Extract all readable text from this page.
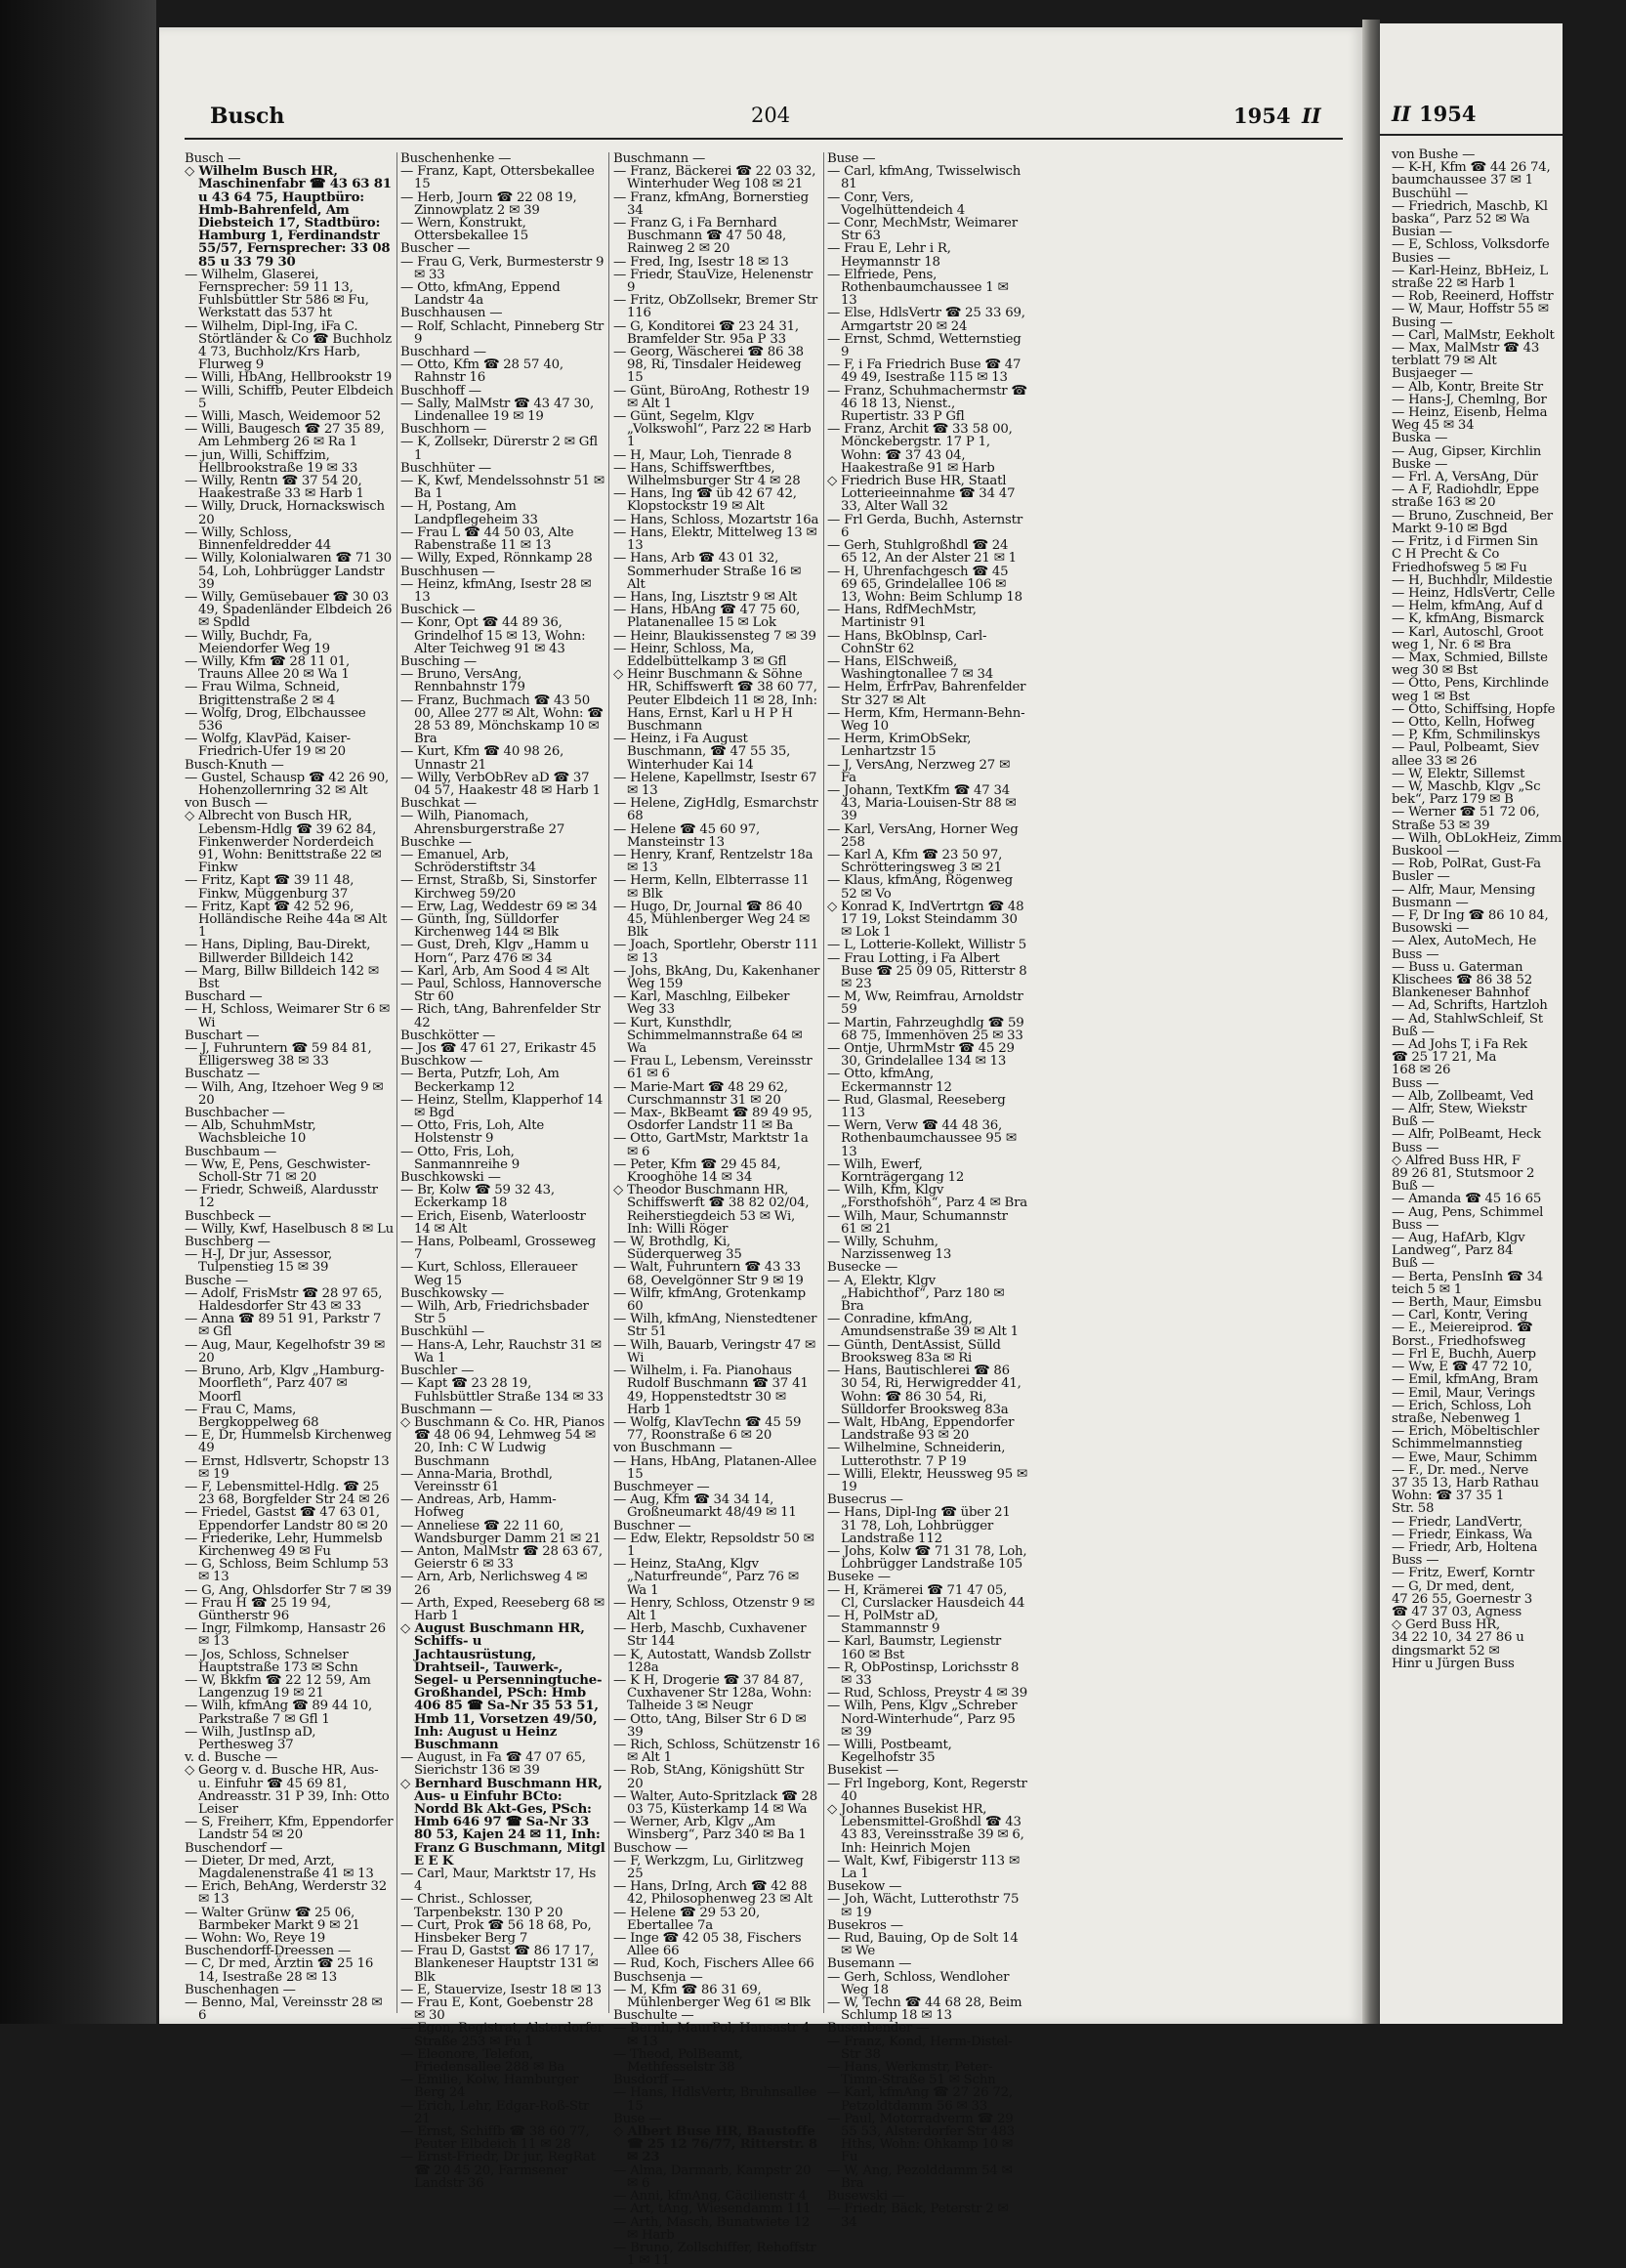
Busch	204	1954 II

Busch —

◇ Wilhelm Busch HR, Maschinenfabr ☎ 43 63 81 u 43 64 75, Hauptbüro: Hmb-Bahrenfeld, Am Diebsteich 17, Stadtbüro: Hamburg 1, Ferdinandstr 55/57, Fernsprecher: 33 08 85 u 33 79 30

— Wilhelm, Glaserei, Fernsprecher: 59 11 13, Fuhlsbüttler Str 586 ✉ Fu, Werkstatt das 537 ht

— Wilhelm, Dipl-Ing, iFa C. Störtländer & Co ☎ Buchholz 4 73, Buchholz/Krs Harb, Flurweg 9

— Willi, HbAng, Hellbrookstr 19

— Willi, Schiffb, Peuter Elbdeich 5

— Willi, Masch, Weidemoor 52

— Willi, Baugesch ☎ 27 35 89, Am Lehmberg 26 ✉ Ra 1

— jun, Willi, Schiffzim, Hellbrookstraße 19 ✉ 33

— Willy, Rentn ☎ 37 54 20, Haakestraße 33 ✉ Harb 1

— Willy, Druck, Hornackswisch 20

— Willy, Schloss, Binnenfeldredder 44

— Willy, Kolonialwaren ☎ 71 30 54, Loh, Lohbrügger Landstr 39

— Willy, Gemüsebauer ☎ 30 03 49, Spadenländer Elbdeich 26 ✉ Spdld

— Willy, Buchdr, Fa, Meiendorfer Weg 19

— Willy, Kfm ☎ 28 11 01, Trauns Allee 20 ✉ Wa 1

— Frau Wilma, Schneid, Brigittenstraße 2 ✉ 4

— Wolfg, Drog, Elbchaussee 536

— Wolfg, KlavPäd, Kaiser-Friedrich-Ufer 19 ✉ 20

Busch-Knuth —

— Gustel, Schausp ☎ 42 26 90, Hohenzollernring 32 ✉ Alt

von Busch —

◇ Albrecht von Busch HR, Lebensm-Hdlg ☎ 39 62 84, Finkenwerder Norderdeich 91, Wohn: Benittstraße 22 ✉ Finkw

— Fritz, Kapt ☎ 39 11 48, Finkw, Müggenburg 37

— Fritz, Kapt ☎ 42 52 96, Holländische Reihe 44a ✉ Alt 1

— Hans, Dipling, Bau-Direkt, Billwerder Billdeich 142

— Marg, Billw Billdeich 142 ✉ Bst

Buschard —

— H, Schloss, Weimarer Str 6 ✉ Wi

Buschart —

— J, Fuhruntern ☎ 59 84 81, Elligersweg 38 ✉ 33

Buschatz —

— Wilh, Ang, Itzehoer Weg 9 ✉ 20

Buschbacher —

— Alb, SchuhmMstr, Wachsbleiche 10

Buschbaum —

— Ww, E, Pens, Geschwister-Scholl-Str 71 ✉ 20

— Friedr, Schweiß, Alardusstr 12

Buschbeck —

— Willy, Kwf, Haselbusch 8 ✉ Lu

Buschberg —

— H-J, Dr jur, Assessor, Tulpenstieg 15 ✉ 39

Busche —

— Adolf, FrisMstr ☎ 28 97 65, Haldesdorfer Str 43 ✉ 33

— Anna ☎ 89 51 91, Parkstr 7 ✉ Gfl

— Aug, Maur, Kegelhofstr 39 ✉ 20

— Bruno, Arb, Klgv „Hamburg-Moorfleth“, Parz 407 ✉ Moorfl

— Frau C, Mams, Bergkoppelweg 68

— E, Dr, Hummelsb Kirchenweg 49

— Ernst, Hdlsvertr, Schopstr 13 ✉ 19

— F, Lebensmittel-Hdlg. ☎ 25 23 68, Borgfelder Str 24 ✉ 26

— Friedel, Gastst ☎ 47 63 01, Eppendorfer Landstr 80 ✉ 20

— Friederike, Lehr, Hummelsb Kirchenweg 49 ✉ Fu

— G, Schloss, Beim Schlump 53 ✉ 13

— G, Ang, Ohlsdorfer Str 7 ✉ 39

— Frau H ☎ 25 19 94, Güntherstr 96

— Ingr, Filmkomp, Hansastr 26 ✉ 13

— Jos, Schloss, Schnelser Hauptstraße 173 ✉ Schn

— W, Bkkfm ☎ 22 12 59, Am Langenzug 19 ✉ 21

— Wilh, kfmAng ☎ 89 44 10, Parkstraße 7 ✉ Gfl 1

— Wilh, JustInsp aD, Perthesweg 37

v. d. Busche —

◇ Georg v. d. Busche HR, Aus- u. Einfuhr ☎ 45 69 81, Andreasstr. 31 P 39, Inh: Otto Leiser

— S, Freiherr, Kfm, Eppendorfer Landstr 54 ✉ 20

Buschendorf —

— Dieter, Dr med, Arzt, Magdalenenstraße 41 ✉ 13

— Erich, BehAng, Werderstr 32 ✉ 13

— Walter Grünw ☎ 25 06, Barmbeker Markt 9 ✉ 21

— Wohn: Wo, Reye 19

Buschendorff-Dreessen —

— C, Dr med, Ärztin ☎ 25 16 14, Isestraße 28 ✉ 13

Buschenhagen —

— Benno, Mal, Vereinsstr 28 ✉ 6

Buschenhenke —

— Franz, Kapt, Ottersbekallee 15

— Herb, Journ ☎ 22 08 19, Zinnowplatz 2 ✉ 39

— Wern, Konstrukt, Ottersbekallee 15

Buscher —

— Frau G, Verk, Burmesterstr 9 ✉ 33

— Otto, kfmAng, Eppend Landstr 4a

Buschhausen —

— Rolf, Schlacht, Pinneberg Str 9

Buschhard —

— Otto, Kfm ☎ 28 57 40, Rahnstr 16

Buschhoff —

— Sally, MalMstr ☎ 43 47 30, Lindenallee 19 ✉ 19

Buschhorn —

— K, Zollsekr, Dürerstr 2 ✉ Gfl 1

Buschhüter —

— K, Kwf, Mendelssohnstr 51 ✉ Ba 1

— H, Postang, Am Landpflegeheim 33

— Frau L ☎ 44 50 03, Alte Rabenstraße 11 ✉ 13

— Willy, Exped, Rönnkamp 28

Buschhusen —

— Heinz, kfmAng, Isestr 28 ✉ 13

Buschick —

— Konr, Opt ☎ 44 89 36, Grindelhof 15 ✉ 13, Wohn: Alter Teichweg 91 ✉ 43

Busching —

— Bruno, VersAng, Rennbahnstr 179

— Franz, Buchmach ☎ 43 50 00, Allee 277 ✉ Alt, Wohn: ☎ 28 53 89, Mönchskamp 10 ✉ Bra

— Kurt, Kfm ☎ 40 98 26, Unnastr 21

— Willy, VerbObRev aD ☎ 37 04 57, Haakestr 48 ✉ Harb 1

Buschkat —

— Wilh, Pianomach, Ahrensburgerstraße 27

Buschke —

— Emanuel, Arb, Schröderstiftstr 34

— Ernst, Straßb, Si, Sinstorfer Kirchweg 59/20

— Erw, Lag, Weddestr 69 ✉ 34

— Günth, Ing, Sülldorfer Kirchenweg 144 ✉ Blk

— Gust, Dreh, Klgv „Hamm u Horn“, Parz 476 ✉ 34

— Karl, Arb, Am Sood 4 ✉ Alt

— Paul, Schloss, Hannoversche Str 60

— Rich, tAng, Bahrenfelder Str 42

Buschkötter —

— Jos ☎ 47 61 27, Erikastr 45

Buschkow —

— Berta, Putzfr, Loh, Am Beckerkamp 12

— Heinz, Stellm, Klapperhof 14 ✉ Bgd

— Otto, Fris, Loh, Alte Holstenstr 9

— Otto, Fris, Loh, Sanmannreihe 9

Buschkowski —

— Br, Kolw ☎ 59 32 43, Eckerkamp 18

— Erich, Eisenb, Waterloostr 14 ✉ Alt

— Hans, Polbeaml, Grosseweg 7

— Kurt, Schloss, Elleraueer Weg 15

Buschkowsky —

— Wilh, Arb, Friedrichsbader Str 5

Buschkühl —

— Hans-A, Lehr, Rauchstr 31 ✉ Wa 1

Buschler —

— Kapt ☎ 23 28 19, Fuhlsbüttler Straße 134 ✉ 33

Buschmann —

◇ Buschmann & Co. HR, Pianos ☎ 48 06 94, Lehmweg 54 ✉ 20, Inh: C W Ludwig Buschmann

— Anna-Maria, Brothdl, Vereinsstr 61

— Andreas, Arb, Hamm-Hofweg

— Anneliese ☎ 22 11 60, Wandsburger Damm 21 ✉ 21

— Anton, MalMstr ☎ 28 63 67, Geierstr 6 ✉ 33

— Arn, Arb, Nerlichsweg 4 ✉ 26

— Arth, Exped, Reeseberg 68 ✉ Harb 1

◇ August Buschmann HR, Schiffs- u Jachtausrüstung, Drahtseil-, Tauwerk-, Segel- u Persenningtuche-Großhandel, PSch: Hmb 406 85 ☎ Sa-Nr 35 53 51, Hmb 11, Vorsetzen 49/50, Inh: August u Heinz Buschmann

— August, in Fa ☎ 47 07 65, Sierichstr 136 ✉ 39

◇ Bernhard Buschmann HR, Aus- u Einfuhr BCto: Nordd Bk Akt-Ges, PSch: Hmb 646 97 ☎ Sa-Nr 33 80 53, Kajen 24 ✉ 11, Inh: Franz G Buschmann, Mitgl E E K

— Carl, Maur, Marktstr 17, Hs 4

— Christ., Schlosser, Tarpenbekstr. 130 P 20

— Curt, Prok ☎ 56 18 68, Po, Hinsbeker Berg 7

— Frau D, Gastst ☎ 86 17 17, Blankeneser Hauptstr 131 ✉ Blk

— E, Stauervize, Isestr 18 ✉ 13

— Frau E, Kont, Goebenstr 28 ✉ 30

— Egon, Registrat, Alsterdorfer Straße 253 ✉ Fu 1

— Eleonore, Telefon, Friedensallee 288 ✉ Ba

— Emilie, Kolw, Hamburger Berg 24

— Erich, Lehr, Edgar-Roß-Str 21

— Ernst, Schiffb ☎ 38 60 77, Peuter Elbdeich 11 ✉ 28

— Ernst-Friedr, Dr jur, RegRat ☎ 20 45 20, Farmsener Landstr 36

Buschmann —

— Franz, Bäckerei ☎ 22 03 32, Winterhuder Weg 108 ✉ 21

— Franz, kfmAng, Bornerstieg 34

— Franz G, i Fa Bernhard Buschmann ☎ 47 50 48, Rainweg 2 ✉ 20

— Fred, Ing, Isestr 18 ✉ 13

— Friedr, StauVize, Helenenstr 9

— Fritz, ObZollsekr, Bremer Str 116

— G, Konditorei ☎ 23 24 31, Bramfelder Str. 95a P 33

— Georg, Wäscherei ☎ 86 38 98, Ri, Tinsdaler Heideweg 15

— Günt, BüroAng, Rothestr 19 ✉ Alt 1

— Günt, Segelm, Klgv „Volkswohl“, Parz 22 ✉ Harb 1

— H, Maur, Loh, Tienrade 8

— Hans, Schiffswerftbes, Wilhelmsburger Str 4 ✉ 28

— Hans, Ing ☎ üb 42 67 42, Klopstockstr 19 ✉ Alt

— Hans, Schloss, Mozartstr 16a

— Hans, Elektr, Mittelweg 13 ✉ 13

— Hans, Arb ☎ 43 01 32, Sommerhuder Straße 16 ✉ Alt

— Hans, Ing, Lisztstr 9 ✉ Alt

— Hans, HbAng ☎ 47 75 60, Platanenallee 15 ✉ Lok

— Heinr, Blaukissensteg 7 ✉ 39

— Heinr, Schloss, Ma, Eddelbüttelkamp 3 ✉ Gfl

◇ Heinr Buschmann & Söhne HR, Schiffswerft ☎ 38 60 77, Peuter Elbdeich 11 ✉ 28, Inh: Hans, Ernst, Karl u H P H Buschmann

— Heinz, i Fa August Buschmann, ☎ 47 55 35, Winterhuder Kai 14

— Helene, Kapellmstr, Isestr 67 ✉ 13

— Helene, ZigHdlg, Esmarchstr 68

— Helene ☎ 45 60 97, Mansteinstr 13

— Henry, Kranf, Rentzelstr 18a ✉ 13

— Herm, Kelln, Elbterrasse 11 ✉ Blk

— Hugo, Dr, Journal ☎ 86 40 45, Mühlenberger Weg 24 ✉ Blk

— Joach, Sportlehr, Oberstr 111 ✉ 13

— Johs, BkAng, Du, Kakenhaner Weg 159

— Karl, Maschlng, Eilbeker Weg 33

— Kurt, Kunsthdlr, Schimmelmannstraße 64 ✉ Wa

— Frau L, Lebensm, Vereinsstr 61 ✉ 6

— Marie-Mart ☎ 48 29 62, Curschmannstr 31 ✉ 20

— Max-, BkBeamt ☎ 89 49 95, Osdorfer Landstr 11 ✉ Ba

— Otto, GartMstr, Marktstr 1a ✉ 6

— Peter, Kfm ☎ 29 45 84, Krooghöhe 14 ✉ 34

◇ Theodor Buschmann HR, Schiffswerft ☎ 38 82 02/04, Reiherstiegdeich 53 ✉ Wi, Inh: Willi Röger

— W, Brothdlg, Ki, Süderquerweg 35

— Walt, Fuhruntern ☎ 43 33 68, Oevelgönner Str 9 ✉ 19

— Wilfr, kfmAng, Grotenkamp 60

— Wilh, kfmAng, Nienstedtener Str 51

— Wilh, Bauarb, Veringstr 47 ✉ Wi

— Wilhelm, i. Fa. Pianohaus Rudolf Buschmann ☎ 37 41 49, Hoppenstedtstr 30 ✉ Harb 1

— Wolfg, KlavTechn ☎ 45 59 77, Roonstraße 6 ✉ 20

von Buschmann —

— Hans, HbAng, Platanen-Allee 15

Buschmeyer —

— Aug, Kfm ☎ 34 34 14, Großneumarkt 48/49 ✉ 11

Buschner —

— Edw, Elektr, Repsoldstr 50 ✉ 1

— Heinz, StaAng, Klgv „Naturfreunde“, Parz 76 ✉ Wa 1

— Henry, Schloss, Otzenstr 9 ✉ Alt 1

— Herb, Maschb, Cuxhavener Str 144

— K, Autostatt, Wandsb Zollstr 128a

— K H, Drogerie ☎ 37 84 87, Cuxhavener Str 128a, Wohn: Talheide 3 ✉ Neugr

— Otto, tAng, Bilser Str 6 D ✉ 39

— Rich, Schloss, Schützenstr 16 ✉ Alt 1

— Rob, StAng, Königshütt Str 20

— Walter, Auto-Spritzlack ☎ 28 03 75, Küsterkamp 14 ✉ Wa

— Werner, Arb, Klgv „Am Winsberg“, Parz 340 ✉ Ba 1

Buschow —

— F, Werkzgm, Lu, Girlitzweg 25

— Hans, DrIng, Arch ☎ 42 88 42, Philosophenweg 23 ✉ Alt

— Helene ☎ 29 53 20, Ebertallee 7a

— Inge ☎ 42 05 38, Fischers Allee 66

— Rud, Koch, Fischers Allee 66

Buschsenja —

— M, Kfm ☎ 86 31 69, Mühlenberger Weg 61 ✉ Blk

Buschulte —

— Bernh, MaurPol, Hansastr 4 ✉ 13

— Theod, PolBeamt, Methfesselstr 38

Busdorff —

— Hans, HdlsVertr, Bruhnsallee 15

Buse —

◇ Albert Buse HR, Baustoffe ☎ 25 12 76/77, Ritterstr. 8 ✉ 23

— Alma, Darmarb, Kampstr 20 ✉ 6

— Anni, kfmAng, Cäcilienstr 4

— Art, tAng, Wiesendamm 111

— Arth, Masch, Bunatwiete 12 ✉ Harb

— Bruno, Zollschiffer, Rehoffstr 1 ✉ 11

Buse —

— Carl, kfmAng, Twisselwisch 81

— Conr, Vers, Vogelhüttendeich 4

— Conr, MechMstr, Weimarer Str 63

— Frau E, Lehr i R, Heymannstr 18

— Elfriede, Pens, Rothenbaumchaussee 1 ✉ 13

— Else, HdlsVertr ☎ 25 33 69, Armgartstr 20 ✉ 24

— Ernst, Schmd, Wetternstieg 9

— F, i Fa Friedrich Buse ☎ 47 49 49, Isestraße 115 ✉ 13

— Franz, Schuhmachermstr ☎ 46 18 13, Nienst., Rupertistr. 33 P Gfl

— Franz, Archit ☎ 33 58 00, Mönckebergstr. 17 P 1, Wohn: ☎ 37 43 04, Haakestraße 91 ✉ Harb

◇ Friedrich Buse HR, Staatl Lotterieeinnahme ☎ 34 47 33, Alter Wall 32

— Frl Gerda, Buchh, Asternstr 6

— Gerh, Stuhlgroßhdl ☎ 24 65 12, An der Alster 21 ✉ 1

— H, Uhrenfachgesch ☎ 45 69 65, Grindelallee 106 ✉ 13, Wohn: Beim Schlump 18

— Hans, RdfMechMstr, Martinistr 91

— Hans, BkOblnsp, Carl-CohnStr 62

— Hans, ElSchweiß, Washingtonallee 7 ✉ 34

— Helm, ErfrPav, Bahrenfelder Str 327 ✉ Alt

— Herm, Kfm, Hermann-Behn-Weg 10

— Herm, KrimObSekr, Lenhartzstr 15

— J, VersAng, Nerzweg 27 ✉ Fa

— Johann, TextKfm ☎ 47 34 43, Maria-Louisen-Str 88 ✉ 39

— Karl, VersAng, Horner Weg 258

— Karl A, Kfm ☎ 23 50 97, Schrötteringsweg 3 ✉ 21

— Klaus, kfmAng, Rögenweg 52 ✉ Vo

◇ Konrad K, IndVertrtgn ☎ 48 17 19, Lokst Steindamm 30 ✉ Lok 1

— L, Lotterie-Kollekt, Willistr 5

— Frau Lotting, i Fa Albert Buse ☎ 25 09 05, Ritterstr 8 ✉ 23

— M, Ww, Reimfrau, Arnoldstr 59

— Martin, Fahrzeughdlg ☎ 59 68 75, Immenhöven 25 ✉ 33

— Ontje, UhrmMstr ☎ 45 29 30, Grindelallee 134 ✉ 13

— Otto, kfmAng, Eckermannstr 12

— Rud, Glasmal, Reeseberg 113

— Wern, Verw ☎ 44 48 36, Rothenbaumchaussee 95 ✉ 13

— Wilh, Ewerf, Kornträgergang 12

— Wilh, Kfm, Klgv „Forsthofshöh“, Parz 4 ✉ Bra

— Wilh, Maur, Schumannstr 61 ✉ 21

— Willy, Schuhm, Narzissenweg 13

Busecke —

— A, Elektr, Klgv „Habichthof“, Parz 180 ✉ Bra

— Conradine, kfmAng, Amundsenstraße 39 ✉ Alt 1

— Günth, DentAssist, Sülld Brooksweg 83a ✉ Ri

— Hans, Bautischlerei ☎ 86 30 54, Ri, Herwigredder 41, Wohn: ☎ 86 30 54, Ri, Sülldorfer Brooksweg 83a

— Walt, HbAng, Eppendorfer Landstraße 93 ✉ 20

— Wilhelmine, Schneiderin, Lutterothstr. 7 P 19

— Willi, Elektr, Heussweg 95 ✉ 19

Busecrus —

— Hans, Dipl-Ing ☎ über 21 31 78, Loh, Lohbrügger Landstraße 112

— Johs, Kolw ☎ 71 31 78, Loh, Lohbrügger Landstraße 105

Buseke —

— H, Krämerei ☎ 71 47 05, Cl, Curslacker Hausdeich 44

— H, PolMstr aD, Stammannstr 9

— Karl, Baumstr, Legienstr 160 ✉ Bst

— R, ObPostinsp, Lorichsstr 8 ✉ 33

— Rud, Schloss, Preystr 4 ✉ 39

— Wilh, Pens, Klgv „Schreber Nord-Winterhude“, Parz 95 ✉ 39

— Willi, Postbeamt, Kegelhofstr 35

Busekist —

— Frl Ingeborg, Kont, Regerstr 40

◇ Johannes Busekist HR, Lebensmittel-Großhdl ☎ 43 43 83, Vereinsstraße 39 ✉ 6, Inh: Heinrich Mojen

— Walt, Kwf, Fibigerstr 113 ✉ La 1

Busekow —

— Joh, Wächt, Lutterothstr 75 ✉ 19

Busekros —

— Rud, Bauing, Op de Solt 14 ✉ We

Busemann —

— Gerh, Schloss, Wendloher Weg 18

— W, Techn ☎ 44 68 28, Beim Schlump 18 ✉ 13

Busenbender —

— Franz, Kond, Herm-Distel-Str 38

— Hans, Werkmstr, Peter-Timm-Straße 51 ✉ Schn

— Karl, kfmAng ☎ 27 26 72, Petzoldtdamm 56 ✉ 33

— Paul, Motorradverm ☎ 29 55 53, Alsterdorfer Str 483 Hths, Wohn: Ohkamp 10 ✉ Fu

— W, Ang, Pezolddamm 54 ✉ Bra

Busewski —

— Friedr, Bäck, Peterstr 2 ✉ 34

II 1954

von Bushe —

— K-H, Kfm ☎ 44 26 74,

baumchaussee 37 ✉ 1

Buschühl —

— Friedrich, Maschb, Kl

baska“, Parz 52 ✉ Wa

Busian —

— E, Schloss, Volksdorfe

Busies —

— Karl-Heinz, BbHeiz, L

straße 22 ✉ Harb 1

— Rob, Reeinerd, Hoffstr

— W, Maur, Hoffstr 55 ✉

Busing —

— Carl, MalMstr, Eekholt

— Max, MalMstr ☎ 43

terblatt 79 ✉ Alt

Busjaeger —

— Alb, Kontr, Breite Str

— Hans-J, Chemlng, Bor

— Heinz, Eisenb, Helma

Weg 45 ✉ 34

Buska —

— Aug, Gipser, Kirchlin

Buske —

— Frl. A, VersAng, Dür

— A F, Radiohdlr, Eppe

straße 163 ✉ 20

— Bruno, Zuschneid, Ber

Markt 9-10 ✉ Bgd

— Fritz, i d Firmen Sin

C H Precht & Co

Friedhofsweg 5 ✉ Fu

— H, Buchhdlr, Mildestie

— Heinz, HdlsVertr, Celle

— Helm, kfmAng, Auf d

— K, kfmAng, Bismarck

— Karl, Autoschl, Groot

weg 1, Nr. 6 ✉ Bra

— Max, Schmied, Billste

weg 30 ✉ Bst

— Otto, Pens, Kirchlinde

weg 1 ✉ Bst

— Otto, Schiffsing, Hopfe

— Otto, Kelln, Hofweg

— P, Kfm, Schmilinskys

— Paul, Polbeamt, Siev

allee 33 ✉ 26

— W, Elektr, Sillemst

— W, Maschb, Klgv „Sc

bek“, Parz 179 ✉ B

— Werner ☎ 51 72 06,

Straße 53 ✉ 39

— Wilh, ObLokHeiz, Zimm

Buskool —

— Rob, PolRat, Gust-Fa

Busler —

— Alfr, Maur, Mensing

Busmann —

— F, Dr Ing ☎ 86 10 84,

Busowski —

— Alex, AutoMech, He

Buss —

— Buss u. Gaterman

Klischees ☎ 86 38 52

Blankeneser Bahnhof

— Ad, Schrifts, Hartzloh

— Ad, StahlwSchleif, St

Buß —

— Ad Johs T, i Fa Rek

☎ 25 17 21, Ma

168 ✉ 26

Buss —

— Alb, Zollbeamt, Ved

— Alfr, Stew, Wiekstr

Buß —

— Alfr, PolBeamt, Heck

Buss —

◇ Alfred Buss HR, F

89 26 81, Stutsmoor 2

Buß —

— Amanda ☎ 45 16 65

— Aug, Pens, Schimmel

Buss —

— Aug, HafArb, Klgv

Landweg“, Parz 84

Buß —

— Berta, PensInh ☎ 34

teich 5 ✉ 1

— Berth, Maur, Eimsbu

— Carl, Kontr, Vering

— E., Meiereiprod. ☎

Borst., Friedhofsweg

— Frl E, Buchh, Auerp

— Ww, E ☎ 47 72 10,

— Emil, kfmAng, Bram

— Emil, Maur, Verings

— Erich, Schloss, Loh

straße, Nebenweg 1

— Erich, Möbeltischler

Schimmelmannstieg

— Ewe, Maur, Schimm

— F., Dr. med., Nerve

37 35 13, Harb Rathau

Wohn: ☎ 37 35 1

Str. 58

— Friedr, LandVertr,

— Friedr, Einkass, Wa

— Friedr, Arb, Holtena

Buss —

— Fritz, Ewerf, Korntr

— G, Dr med, dent,

47 26 55, Goernestr 3

☎ 47 37 03, Agness

◇ Gerd Buss HR,

34 22 10, 34 27 86 u

dingsmarkt 52 ✉

Hinr u Jürgen Buss
